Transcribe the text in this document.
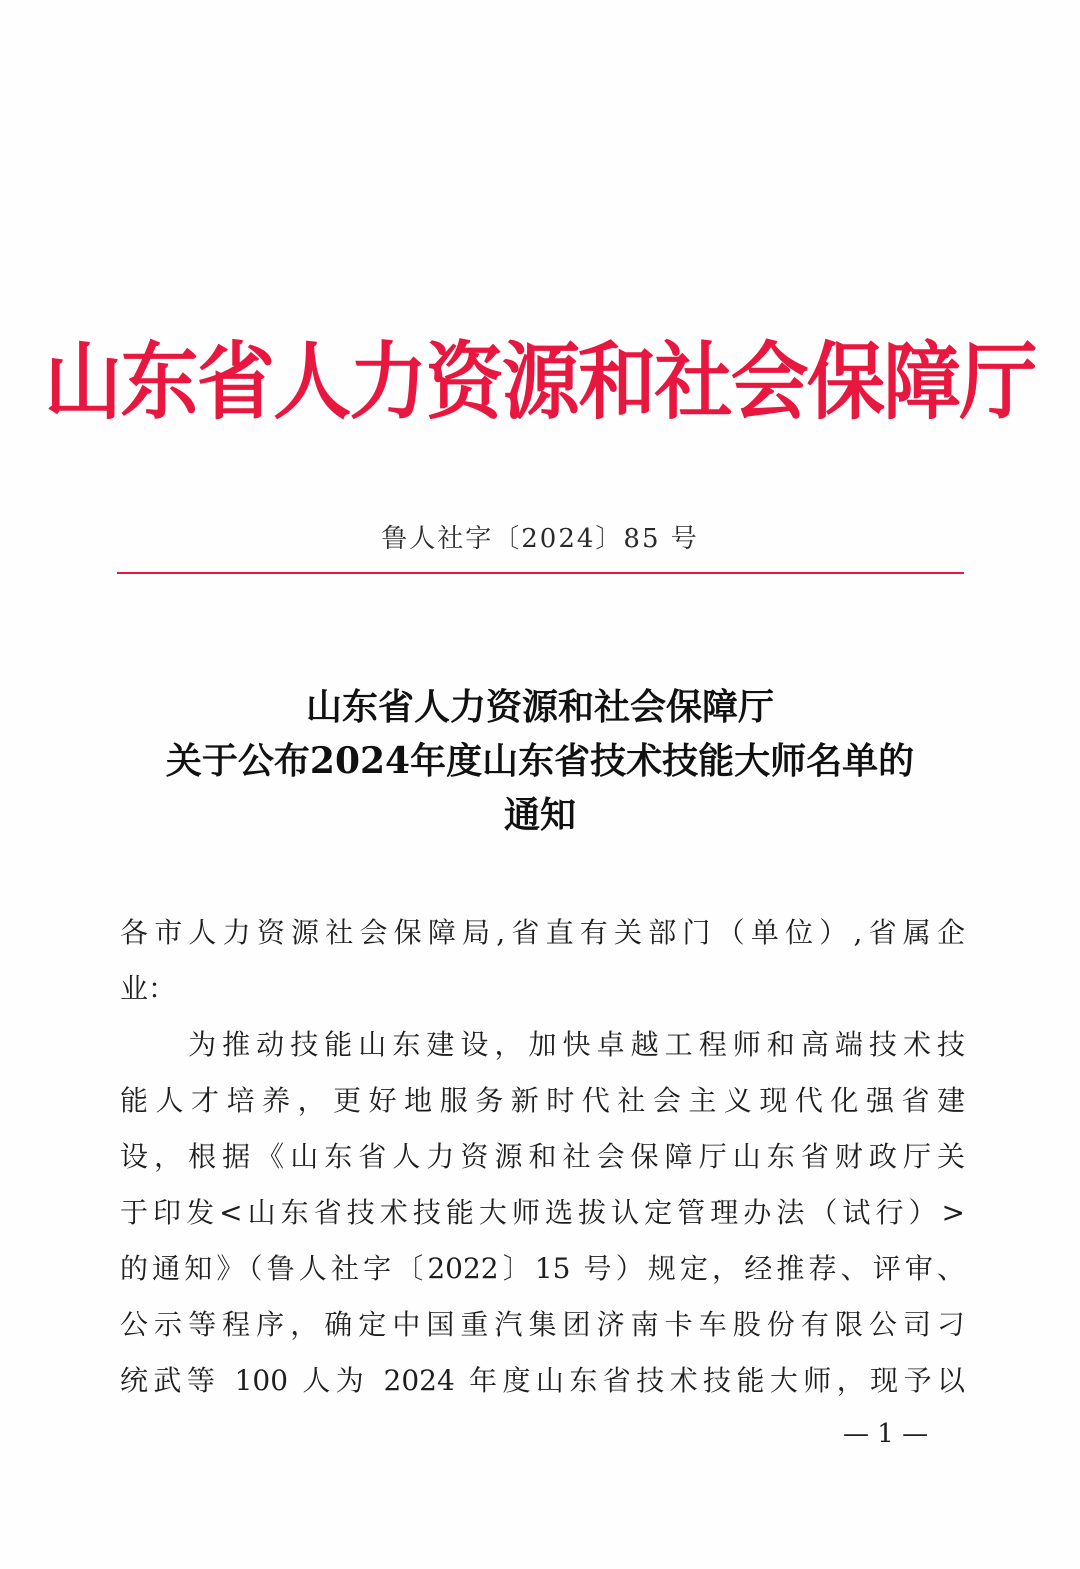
山东省人力资源和社会保障厅
鲁人社字〔2024〕85 号
山东省人力资源和社会保障厅
关于公布2024年度山东省技术技能大师名单的
通知
各市人力资源社会保障局,省直有关部门（单位）,省属企
业：
　　为推动技能山东建设，加快卓越工程师和高端技术技
能人才培养，更好地服务新时代社会主义现代化强省建
设，根据《山东省人力资源和社会保障厅山东省财政厅关
于印发<山东省技术技能大师选拔认定管理办法（试行）>
的通知》（鲁人社字〔2022〕15 号）规定，经推荐、评审、
公示等程序，确定中国重汽集团济南卡车股份有限公司刁
统武等 100 人为 2024 年度山东省技术技能大师，现予以
— 1 —
